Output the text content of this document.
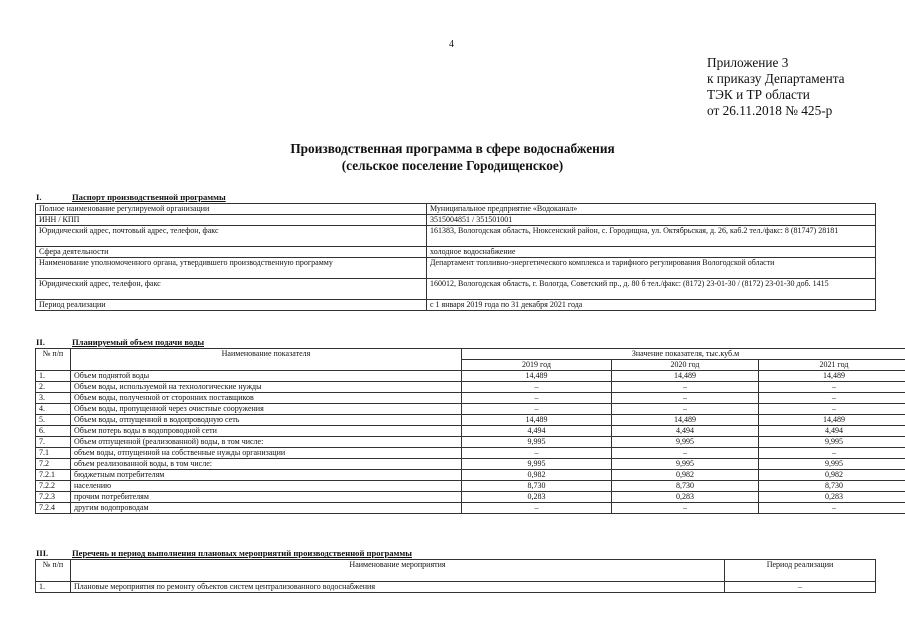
4
Приложение 3
к приказу Департамента
ТЭК и ТР области
от 26.11.2018 № 425-р
Производственная программа в сфере водоснабжения
(сельское поселение Городищенское)
I.	Паспорт производственной программы
Полное наименование регулируемой организации	Муниципальное предприятие «Водоканал»
ИНН / КПП	3515004851 / 351501001
Юридический адрес, почтовый адрес, телефон, факс	161383, Вологодская область, Нюксенский район, с. Городищна, ул. Октябрьская, д. 26, каб.2 тел./факс: 8 (81747) 28181
Сфера деятельности	холодное водоснабжение
Наименование уполномоченного органа, утвердившего производственную программу	Департамент топливно-энергетического комплекса и тарифного регулирования Вологодской области
Юридический адрес, телефон, факс	160012, Вологодская область, г. Вологда, Советский пр., д. 80 б тел./факс: (8172) 23-01-30 / (8172) 23-01-30 доб. 1415
Период реализации	с 1 января 2019 года по 31 декабря 2021 года
II.	Планируемый объем подачи воды
№ п/п	Наименование показателя	Значение показателя, тыс.куб.м		
		2019 год	2020 год	2021 год
1.	Объем поднятой воды	14,489	14,489	14,489
2.	Объем воды, используемой на технологические нужды	–	–	–
3.	Объем воды, полученной от сторонних поставщиков	–	–	–
4.	Объем воды, пропущенной через очистные сооружения	–	–	–
5.	Объем воды, отпущенной в водопроводную сеть	14,489	14,489	14,489
6.	Объем потерь воды в водопроводной сети	4,494	4,494	4,494
7.	Объем отпущенной (реализованной) воды, в том числе:	9,995	9,995	9,995
7.1	объем воды, отпущенной на собственные нужды организации	–	–	–
7.2	объем реализованной воды, в том числе:	9,995	9,995	9,995
7.2.1	бюджетным потребителям	0,982	0,982	0,982
7.2.2	населению	8,730	8,730	8,730
7.2.3	прочим потребителям	0,283	0,283	0,283
7.2.4	другим водопроводам	–	–	–
III.	Перечень и период выполнения плановых мероприятий производственной программы
№ п/п	Наименование мероприятия	Период реализации
1.	Плановые мероприятия по ремонту объектов систем централизованного водоснабжения	–
